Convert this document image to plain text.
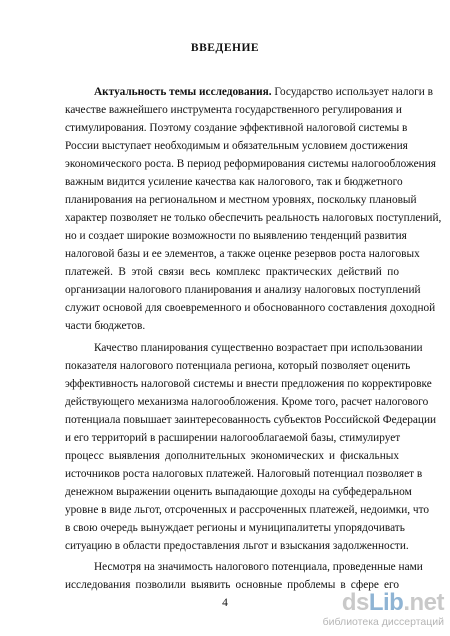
ВВЕДЕНИЕ
Актуальность темы исследования. Государство использует налоги в
качестве важнейшего инструмента государственного регулирования и
стимулирования. Поэтому создание эффективной налоговой системы в
России выступает необходимым и обязательным условием достижения
экономического роста. В период реформирования системы налогообложения
важным видится усиление качества как налогового, так и бюджетного
планирования на региональном и местном уровнях, поскольку плановый
характер позволяет не только обеспечить реальность налоговых поступлений,
но и создает широкие возможности по выявлению тенденций развития
налоговой базы и ее элементов, а также оценке резервов роста налоговых
платежей. В этой связи весь комплекс практических действий по
организации налогового планирования и анализу налоговых поступлений
служит основой для своевременного и обоснованного составления доходной
части бюджетов.
Качество планирования существенно возрастает при использовании
показателя налогового потенциала региона, который позволяет оценить
эффективность налоговой системы и внести предложения по корректировке
действующего механизма налогообложения. Кроме того, расчет налогового
потенциала повышает заинтересованность субъектов Российской Федерации
и его территорий в расширении налогооблагаемой базы, стимулирует
процесс выявления дополнительных экономических и фискальных
источников роста налоговых платежей. Налоговый потенциал позволяет в
денежном выражении оценить выпадающие доходы на субфедеральном
уровне в виде льгот, отсроченных и рассроченных платежей, недоимки, что
в свою очередь вынуждает регионы и муниципалитеты упорядочивать
ситуацию в области предоставления льгот и взыскания задолженности.
Несмотря на значимость налогового потенциала, проведенные нами
исследования позволили выявить основные проблемы в сфере его
4	dsLib.net
библиотека диссертаций
